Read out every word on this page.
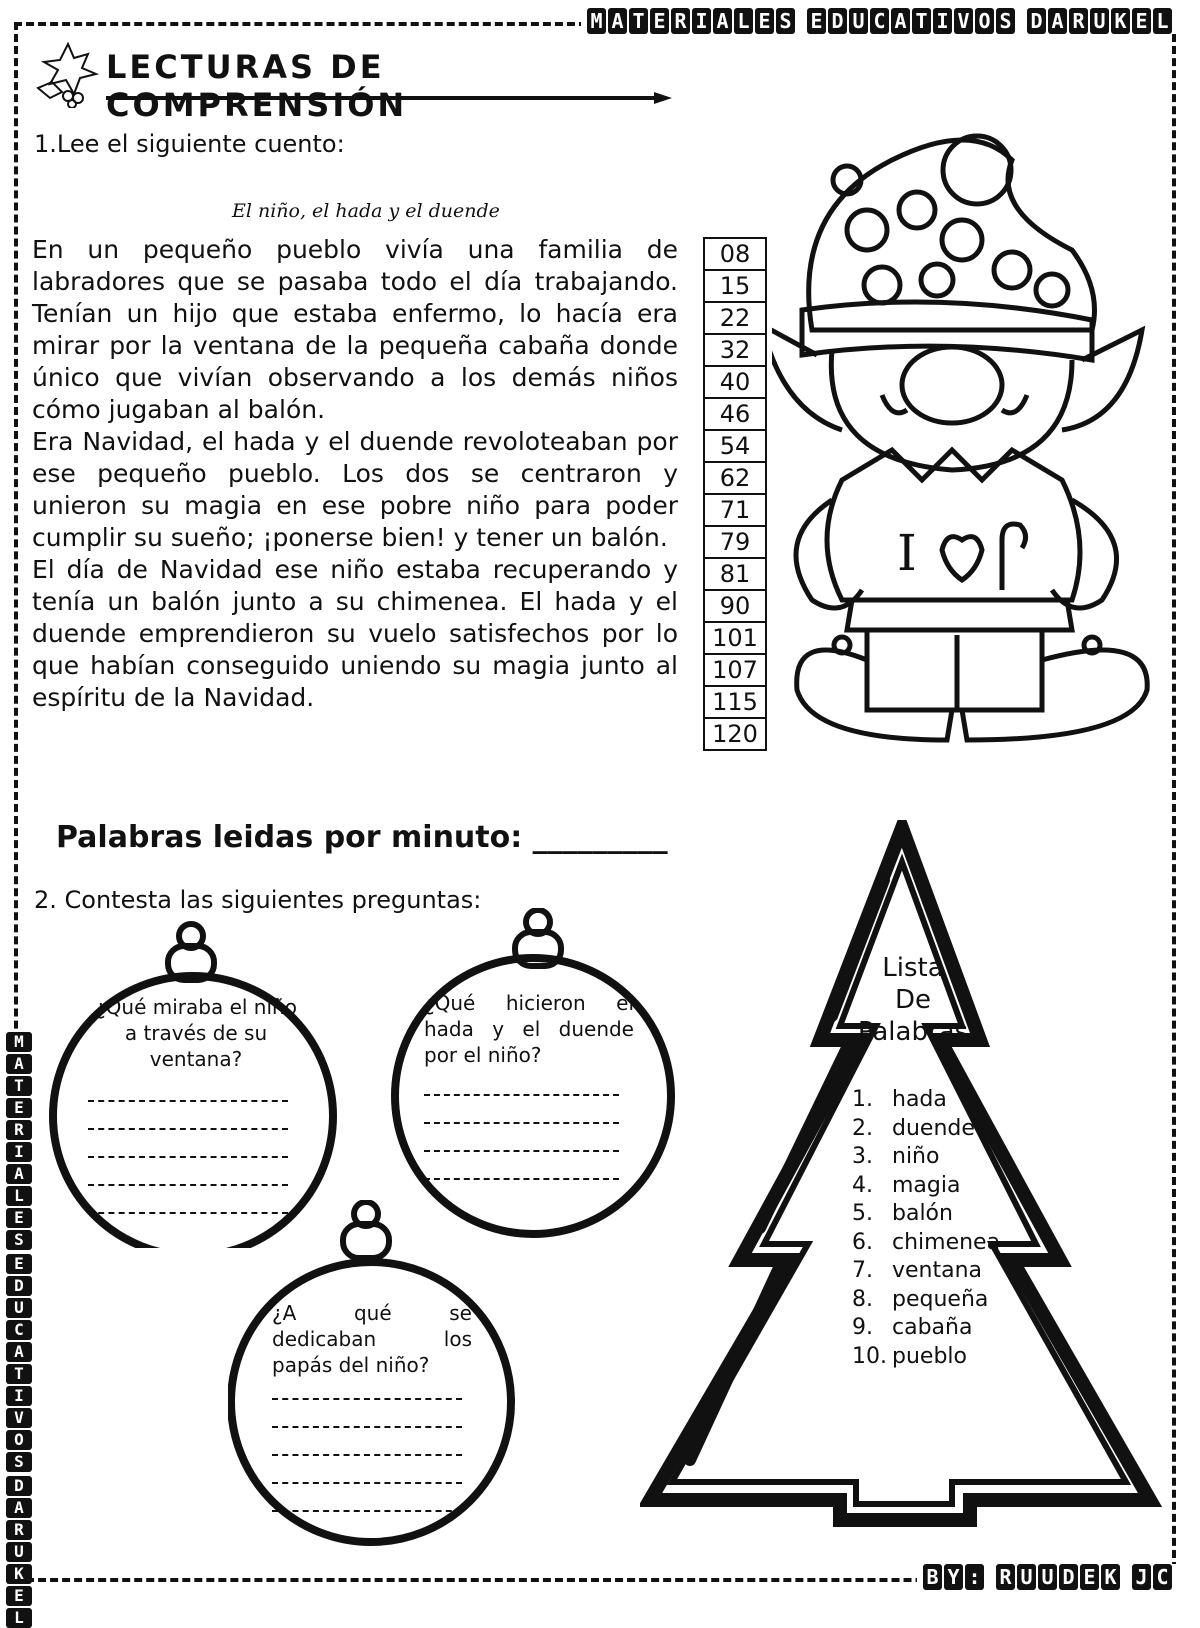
M A T E R I A L E S E D U C A T I V O S D A R U K E L
M
A
T
E
R
I
A
L
E
S
E
D
U
C
A
T
I
V
O
S
D
A
R
U
K
E
L
B Y : R U U D E K J C
LECTURAS DE COMPRENSIÓN
1.Lee el siguiente cuento:
El niño, el hada y el duende

En un pequeño pueblo vivía una familia de labradores que se pasaba todo el día trabajando. Tenían un hijo que estaba enfermo, lo hacía era mirar por la ventana de la pequeña cabaña donde único que vivían observando a los demás niños cómo jugaban al balón.

Era Navidad, el hada y el duende revoloteaban por ese pequeño pueblo. Los dos se centraron y unieron su magia en ese pobre niño para poder cumplir su sueño; ¡ponerse bien! y tener un balón.

El día de Navidad ese niño estaba recuperando y tenía un balón junto a su chimenea. El hada y el duende emprendieron su vuelo satisfechos por lo que habían conseguido uniendo su magia junto al espíritu de la Navidad.

08
15
22
32
40
46
54
62
71
79
81
90
101
107
115
120
I
Palabras leidas por minuto: _________
2. Contesta las siguientes preguntas:
¿Qué miraba el niño a través de su ventana?
¿Qué hicieron el hada y el duende por el niño?
¿A qué se dedicaban los papás del niño?
Lista
De
Palabras
1. hada
2. duende
3. niño
4. magia
5. balón
6. chimenea
7. ventana
8. pequeña
9. cabaña
10. pueblo
